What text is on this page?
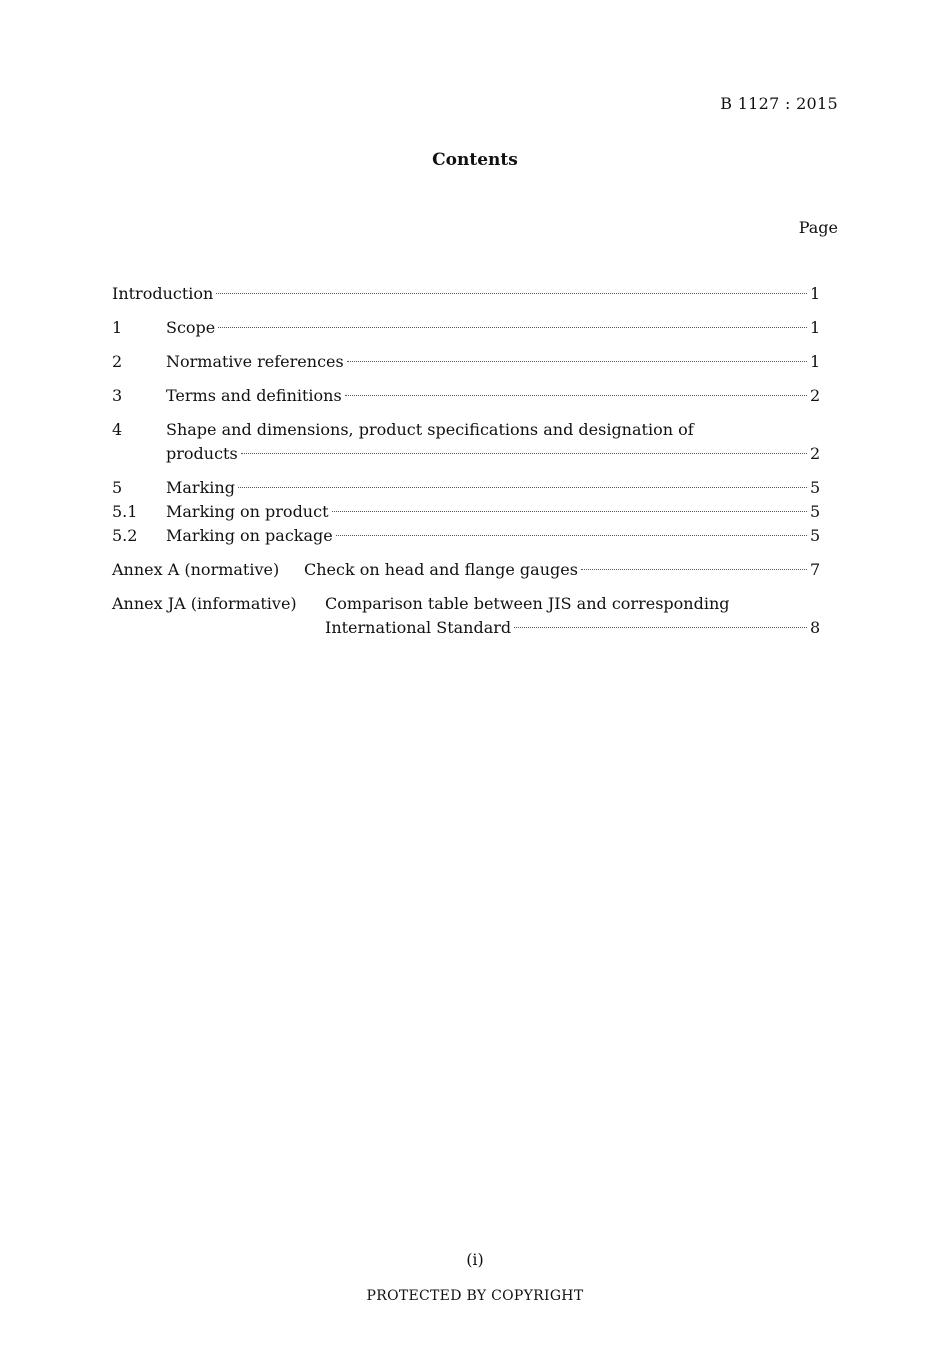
B 1127 : 2015
Contents
Page
Introduction	1
1	Scope	1
2	Normative references	1
3	Terms and definitions	2
4	Shape and dimensions, product specifications and designation of
products	2
5	Marking	5
5.1	Marking on product	5
5.2	Marking on package	5
Annex A (normative)	Check on head and flange gauges	7
Annex JA (informative)	Comparison table between JIS and corresponding
International Standard	8
(i)
PROTECTED BY COPYRIGHT
